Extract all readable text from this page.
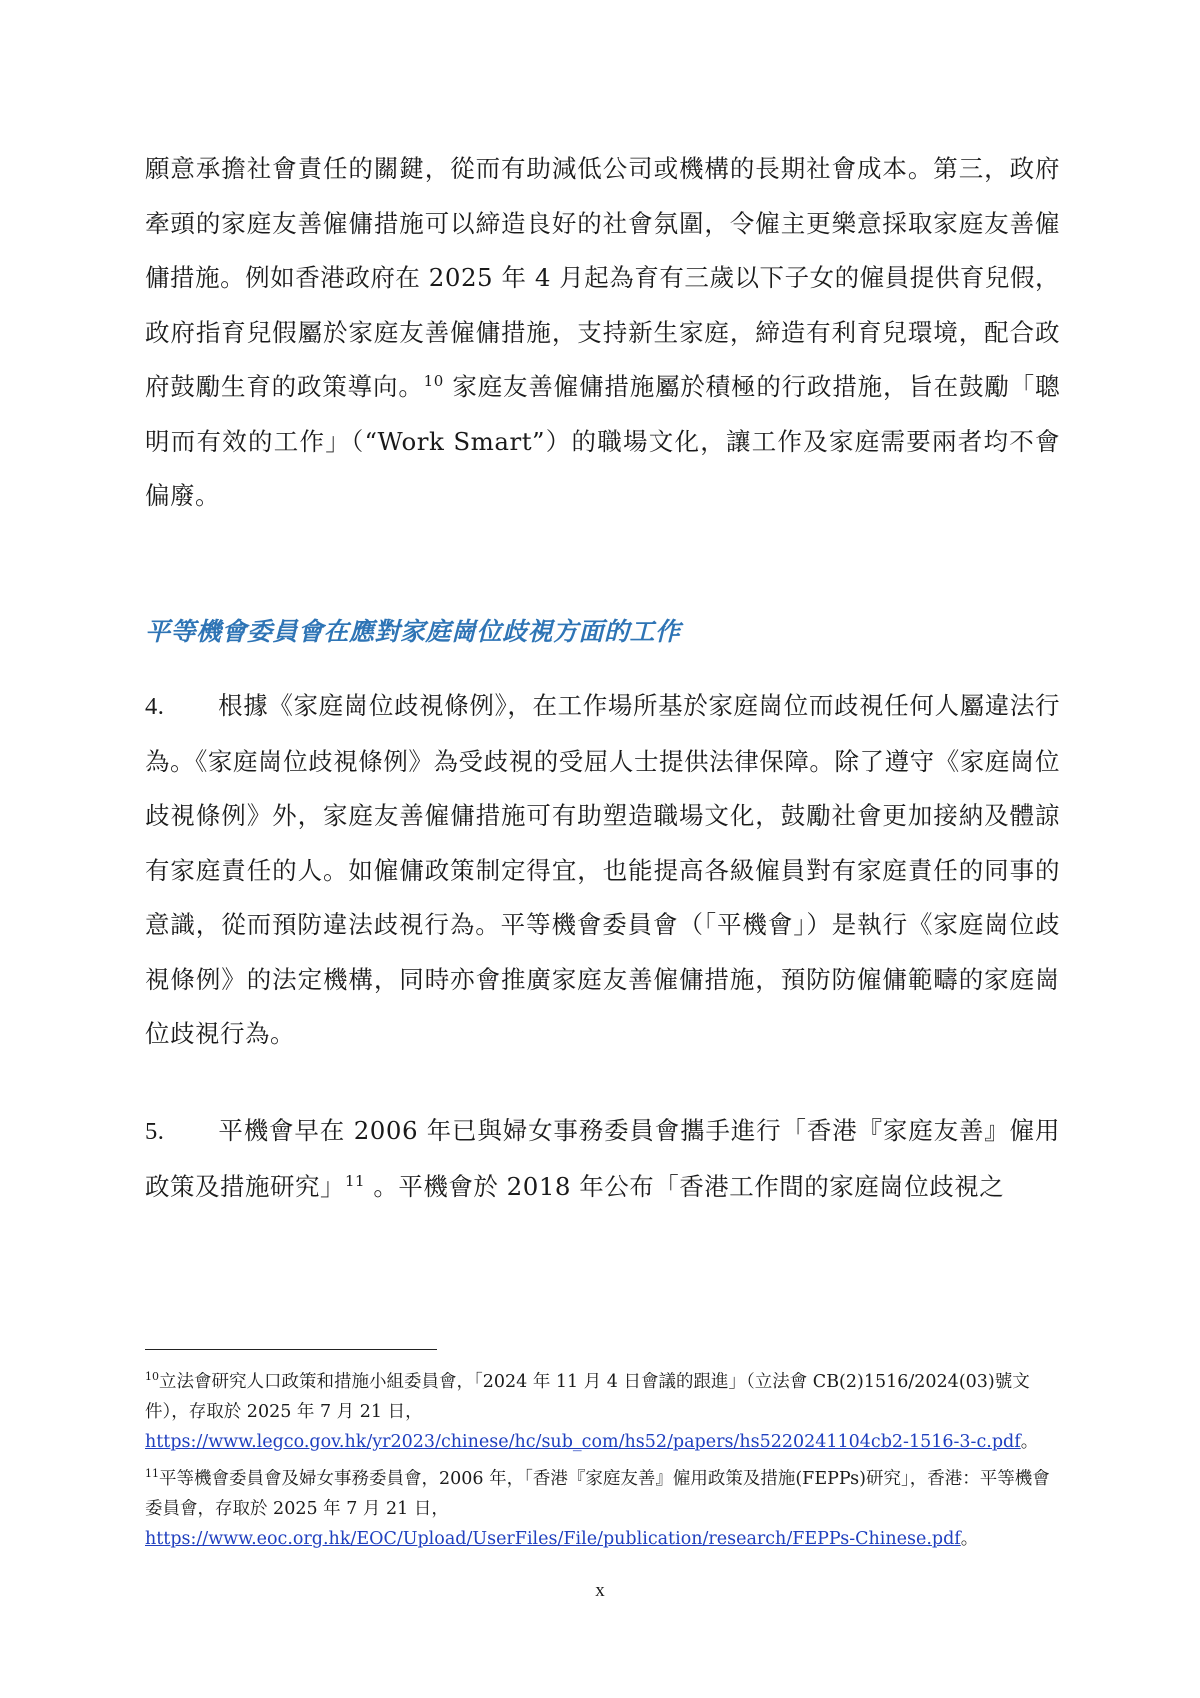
願意承擔社會責任的關鍵，從而有助減低公司或機構的長期社會成本。第三，政府牽頭的家庭友善僱傭措施可以締造良好的社會氛圍，令僱主更樂意採取家庭友善僱傭措施。例如香港政府在 2025 年 4 月起為育有三歲以下子女的僱員提供育兒假，政府指育兒假屬於家庭友善僱傭措施，支持新生家庭，締造有利育兒環境，配合政府鼓勵生育的政策導向。$^{10}$ 家庭友善僱傭措施屬於積極的行政措施，旨在鼓勵「聰明而有效的工作」（“Work Smart”）的職場文化，讓工作及家庭需要兩者均不會偏廢。
平等機會委員會在應對家庭崗位歧視方面的工作
4. 根據《家庭崗位歧視條例》，在工作場所基於家庭崗位而歧視任何人屬違法行為。《家庭崗位歧視條例》為受歧視的受屈人士提供法律保障。除了遵守《家庭崗位歧視條例》外，家庭友善僱傭措施可有助塑造職場文化，鼓勵社會更加接納及體諒有家庭責任的人。如僱傭政策制定得宜，也能提高各級僱員對有家庭責任的同事的意識，從而預防違法歧視行為。平等機會委員會（「平機會」）是執行《家庭崗位歧視條例》的法定機構，同時亦會推廣家庭友善僱傭措施，預防防僱傭範疇的家庭崗位歧視行為。
5. 平機會早在 2006 年已與婦女事務委員會攜手進行「香港『家庭友善』僱用政策及措施研究」$^{11}$ 。平機會於 2018 年公布「香港工作間的家庭崗位歧視之
$^{10}$立法會研究人口政策和措施小組委員會，「2024 年 11 月 4 日會議的跟進」（立法會 CB(2)1516/2024(03)號文件），存取於 2025 年 7 月 21 日，
https://www.legco.gov.hk/yr2023/chinese/hc/sub_com/hs52/papers/hs5220241104cb2-1516-3-c.pdf。
$^{11}$平等機會委員會及婦女事務委員會，2006 年，「香港『家庭友善』僱用政策及措施(FEPPs)研究」，香港：平等機會委員會，存取於 2025 年 7 月 21 日，
https://www.eoc.org.hk/EOC/Upload/UserFiles/File/publication/research/FEPPs-Chinese.pdf。
x
